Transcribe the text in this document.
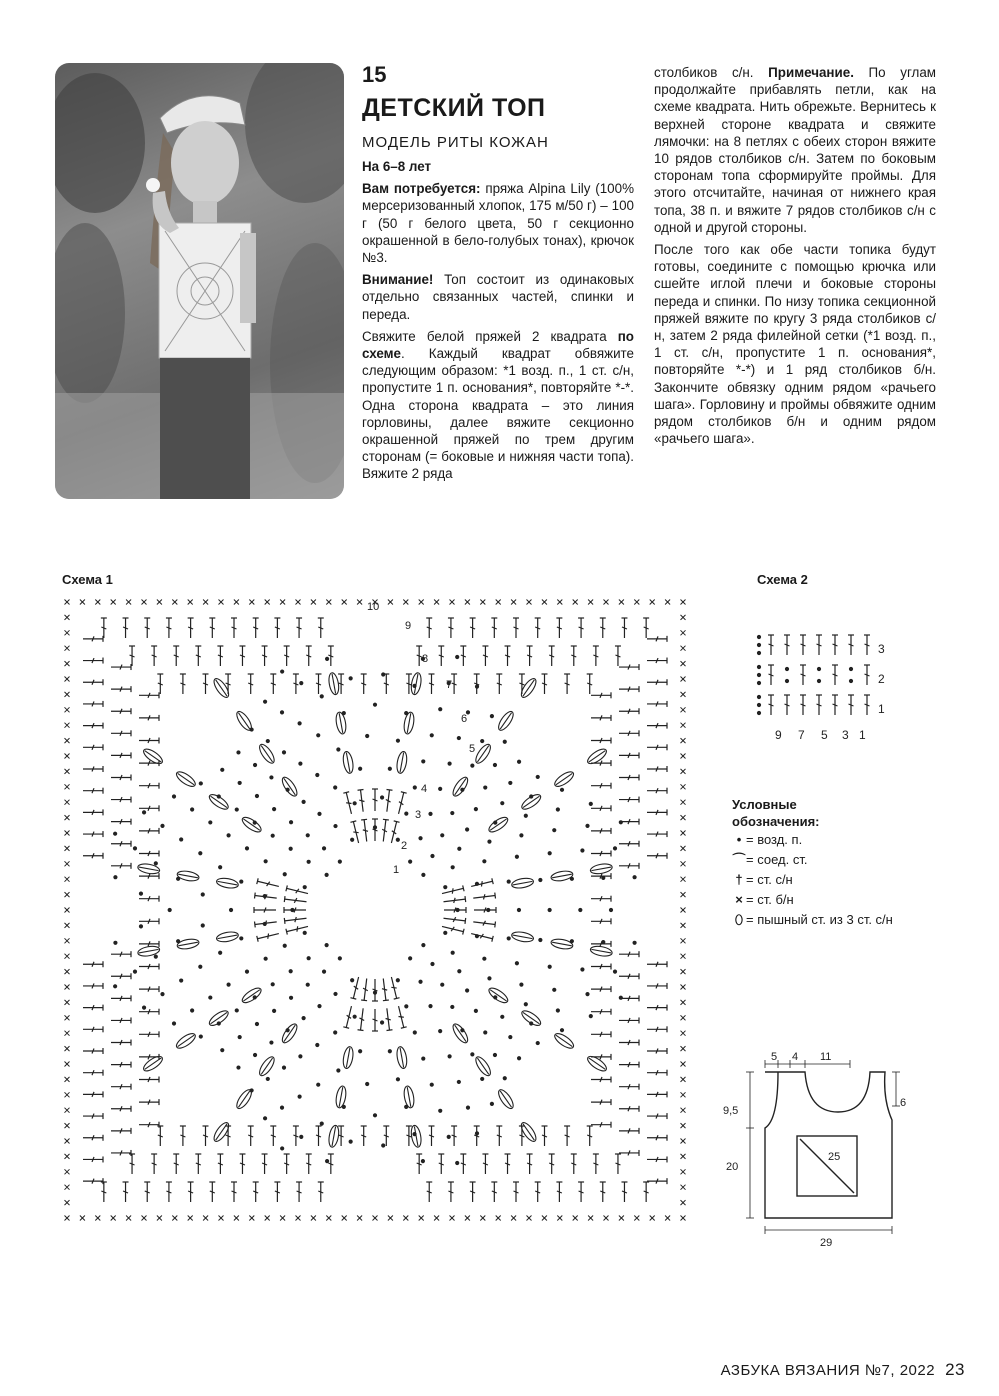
15
ДЕТСКИЙ ТОП
МОДЕЛЬ РИТЫ КОЖАН

На 6–8 лет

Вам потребуется: пряжа Alpina Lily (100% мерсеризованный хлопок, 175 м/50 г) – 100 г (50 г белого цвета, 50 г секционно окрашенной в бело-голубых тонах), крючок №3.

Внимание! Топ состоит из одинаковых отдельно связанных частей, спинки и переда.

Свяжите белой пряжей 2 квадрата по схеме. Каждый квадрат обвяжите следующим образом: *1 возд. п., 1 ст. с/н, пропустите 1 п. основания*, повторяйте *-*. Одна сторона квадрата – это линия горловины, далее вяжите секционно окрашенной пряжей по трем другим сторонам (= боковые и нижняя части топа). Вяжите 2 ряда

столбиков с/н. Примечание. По углам продолжайте прибавлять петли, как на схеме квадрата. Нить обрежьте. Вернитесь к верхней стороне квадрата и свяжите лямочки: на 8 петлях с обеих сторон вяжите 10 рядов столбиков с/н. Затем по боковым сторонам топа сформируйте проймы. Для этого отсчитайте, начиная от нижнего края топа, 38 п. и вяжите 7 рядов столбиков с/н с одной и другой стороны.

После того как обе части топика будут готовы, соедините с помощью крючка или сшейте иглой плечи и боковые стороны переда и спинки. По низу топика секционной пряжей вяжите по кругу 3 ряда столбиков с/н, затем 2 ряда филейной сетки (*1 возд. п., 1 ст. с/н, пропустите 1 п. основания*, повторяйте *-*) и 1 ряд столбиков б/н. Закончите обвязку одним рядом «рачьего шага». Горловину и проймы обвяжите одним рядом столбиков б/н и одним рядом «рачьего шага».

Схема 1	Схема 2
1
2
3
4
5
6
7
8
9
10
3
2
1
9 7 5 3 1
Условные
обозначения:
• = возд. п.
⌒ = соед. ст.
† = ст. с/н
× = ст. б/н
⬯ = пышный ст. из 3 ст. с/н
5 4 11
9,5
6
20
25
29
АЗБУКА ВЯЗАНИЯ №7, 2022 23
